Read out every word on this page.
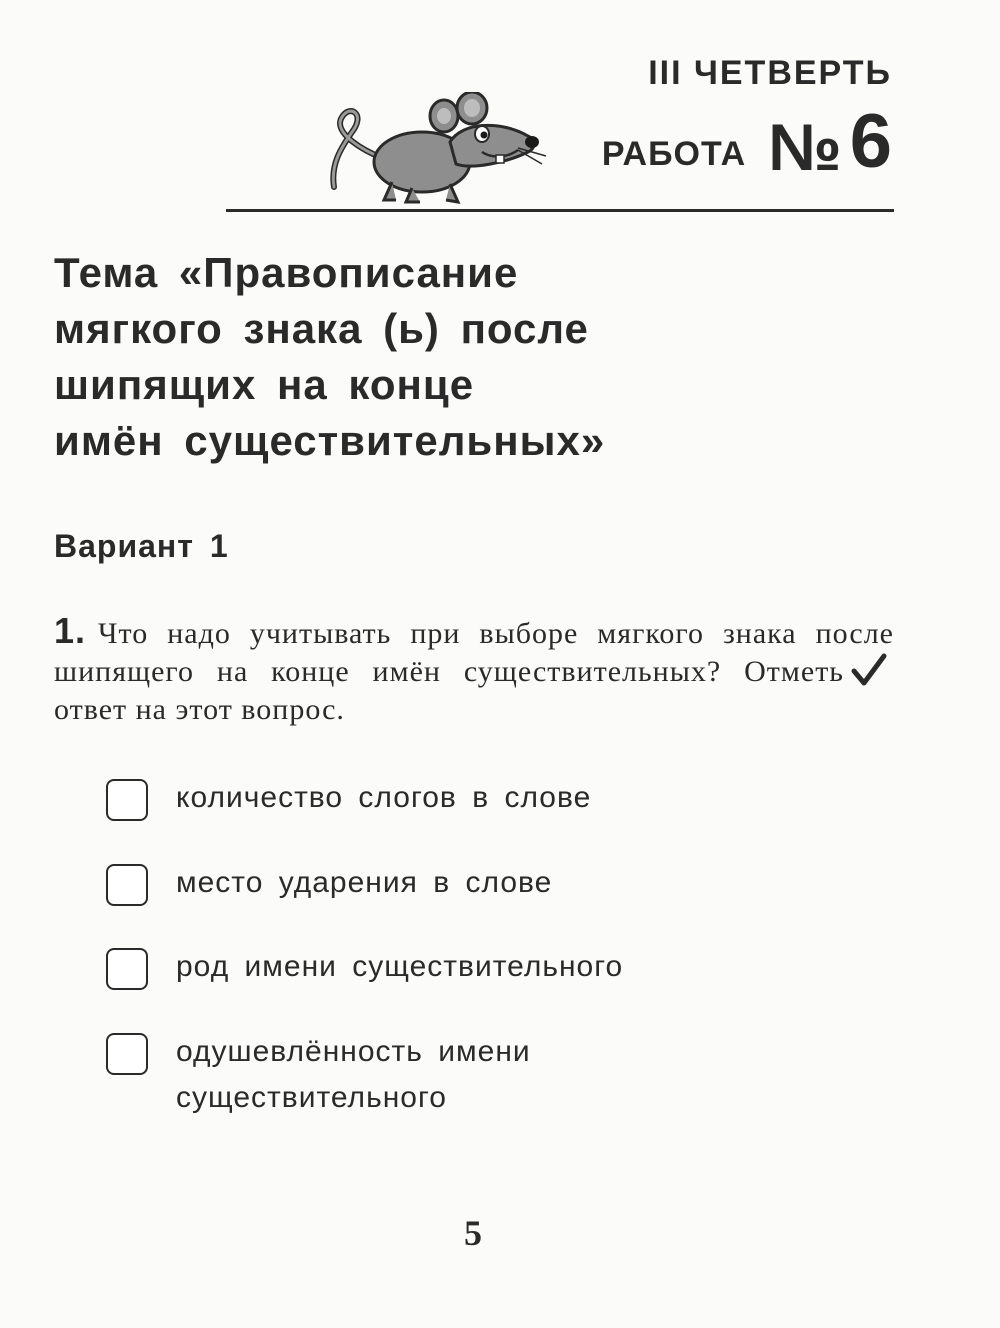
III ЧЕТВЕРТЬ
РАБОТА № 6
Тема «Правописание
мягкого знака (ь) после
шипящих на конце
имён существительных»
Вариант 1
1. Что надо учитывать при выборе мягкого знака после шипящего на конце имён существительных? Отметьответ на этот вопрос.
количество слогов в слове
место ударения в слове
род имени существительного
одушевлённость имени существительного
5
